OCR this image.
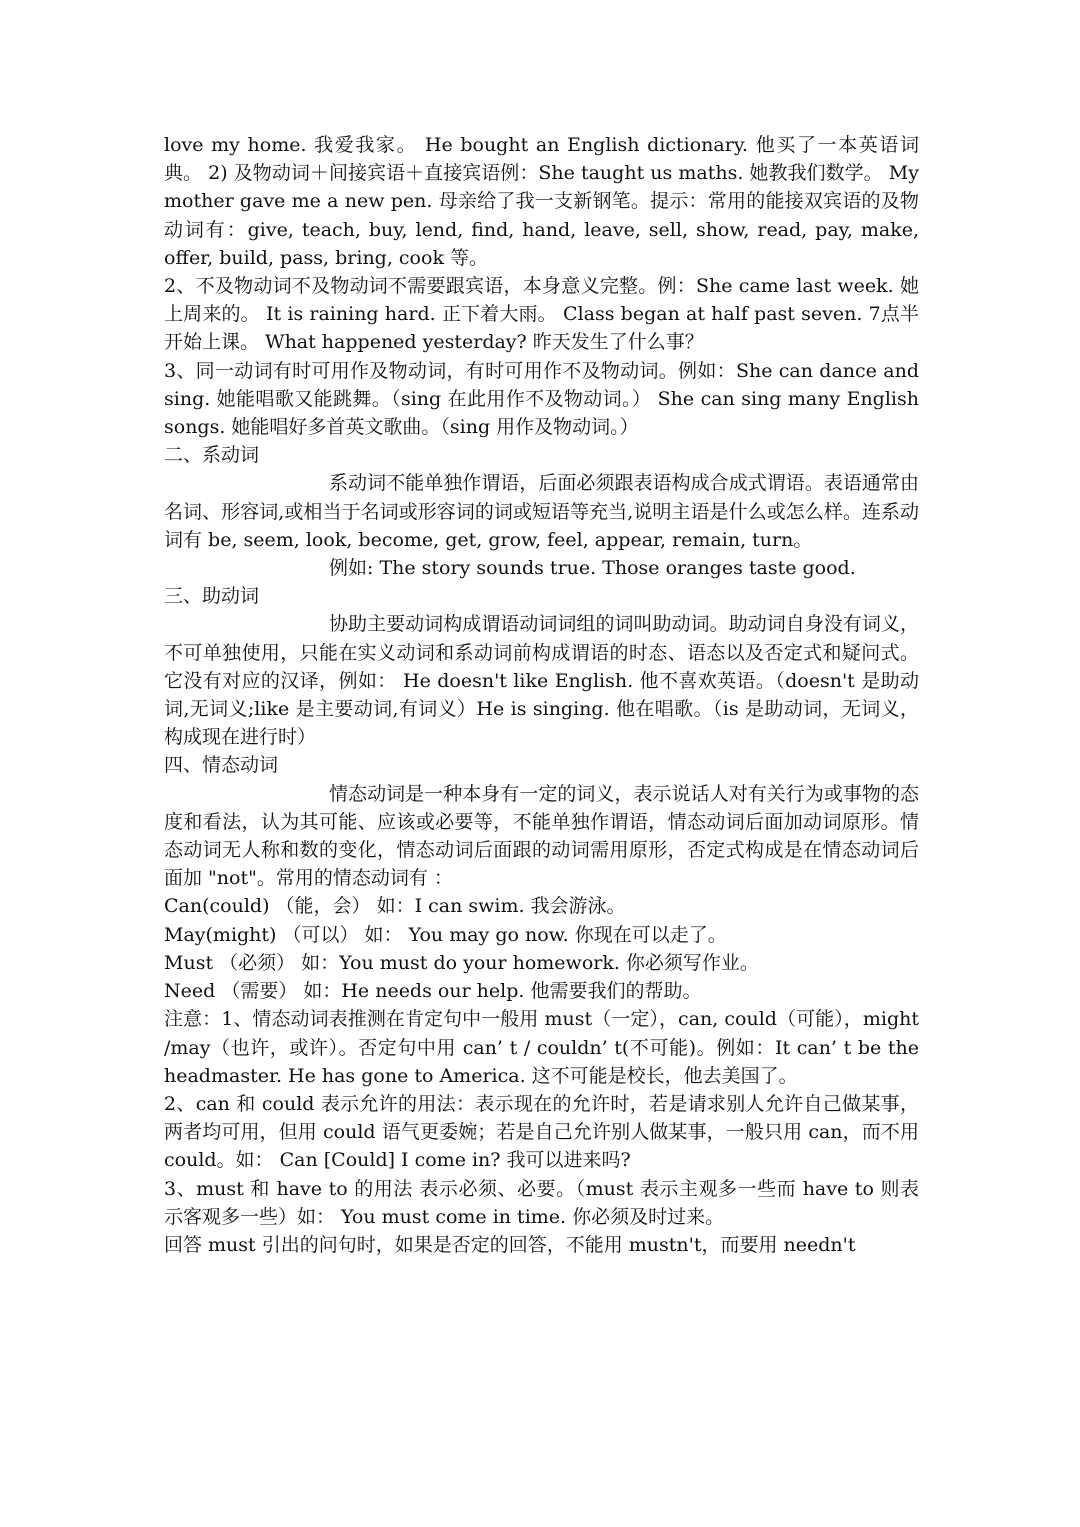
love my home. 我爱我家。 He bought an English dictionary. 他买了一本英语词典。 2) 及物动词＋间接宾语＋直接宾语例：She taught us maths. 她教我们数学。 My mother gave me a new pen. 母亲给了我一支新钢笔。提示：常用的能接双宾语的及物动词有：give, teach, buy, lend, find, hand, leave, sell, show, read, pay, make, offer, build, pass, bring, cook 等。

2、不及物动词不及物动词不需要跟宾语，本身意义完整。例：She came last week. 她上周来的。 It is raining hard. 正下着大雨。 Class began at half past seven. 7点半开始上课。 What happened yesterday? 昨天发生了什么事？

3、同一动词有时可用作及物动词，有时可用作不及物动词。例如：She can dance and sing. 她能唱歌又能跳舞。（sing 在此用作不及物动词。） She can sing many English songs. 她能唱好多首英文歌曲。（sing 用作及物动词。）

二、系动词

系动词不能单独作谓语，后面必须跟表语构成合成式谓语。表语通常由名词、形容词,或相当于名词或形容词的词或短语等充当,说明主语是什么或怎么样。连系动词有 be, seem, look, become, get, grow, feel, appear, remain, turn。

例如: The story sounds true. Those oranges taste good.

三、助动词

协助主要动词构成谓语动词词组的词叫助动词。助动词自身没有词义，不可单独使用，只能在实义动词和系动词前构成谓语的时态、语态以及否定式和疑问式。它没有对应的汉译，例如： He doesn't like English. 他不喜欢英语。（doesn't 是助动词,无词义;like 是主要动词,有词义）He is singing. 他在唱歌。（is 是助动词，无词义，构成现在进行时）

四、情态动词

情态动词是一种本身有一定的词义，表示说话人对有关行为或事物的态度和看法，认为其可能、应该或必要等，不能单独作谓语，情态动词后面加动词原形。情态动词无人称和数的变化，情态动词后面跟的动词需用原形，否定式构成是在情态动词后面加 "not"。常用的情态动词有 ：

Can(could) （能，会） 如：I can swim. 我会游泳。

May(might) （可以） 如： You may go now. 你现在可以走了。

Must （必须） 如：You must do your homework. 你必须写作业。

Need （需要） 如：He needs our help. 他需要我们的帮助。

注意：1、情态动词表推测在肯定句中一般用 must（一定），can, could（可能），might /may（也许，或许）。否定句中用 can’ t / couldn’ t(不可能)。例如：It can’ t be the headmaster. He has gone to America. 这不可能是校长，他去美国了。

2、can 和 could 表示允许的用法：表示现在的允许时，若是请求别人允许自己做某事，两者均可用，但用 could 语气更委婉；若是自己允许别人做某事，一般只用 can，而不用 could。如： Can [Could] I come in? 我可以进来吗?

3、must 和 have to 的用法 表示必须、必要。（must 表示主观多一些而 have to 则表示客观多一些）如： You must come in time. 你必须及时过来。

回答 must 引出的问句时，如果是否定的回答，不能用 mustn't，而要用 needn't
